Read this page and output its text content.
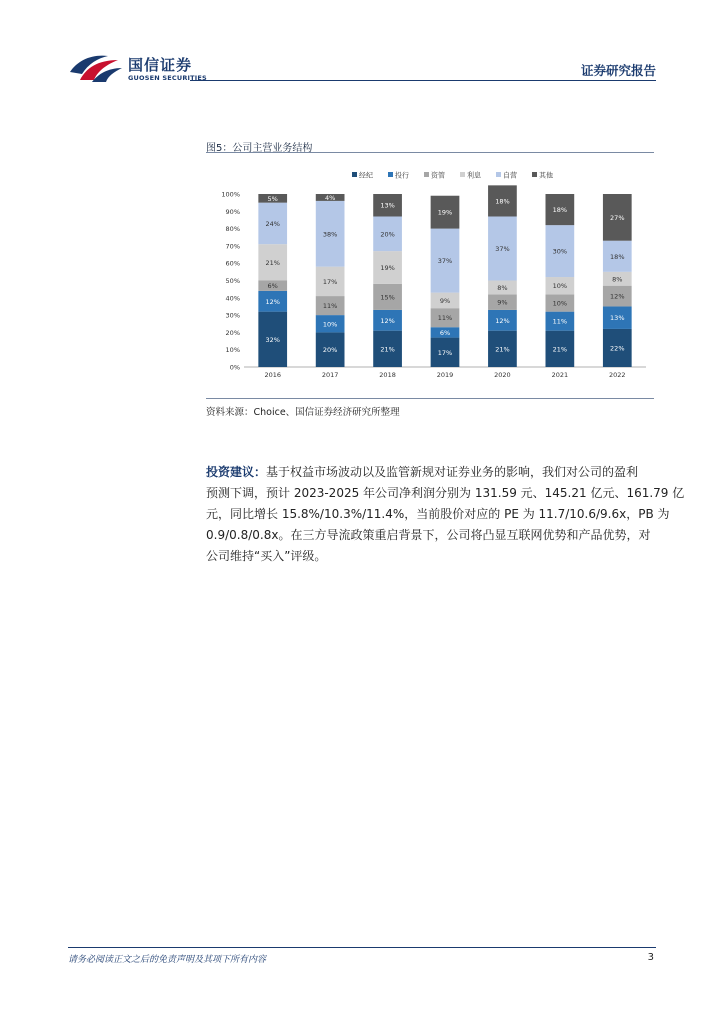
国信证券
GUOSEN SECURITIES	证券研究报告
图5：公司主营业务结构
经纪	投行	资管	利息	自营	其他
0%
10%
20%
30%
40%
50%
60%
70%
80%
90%
100%
32%
12%
6%
21%
24%
5%
2016
20%
10%
11%
17%
38%
4%
2017
21%
12%
15%
19%
20%
13%
2018
17%
6%
11%
9%
37%
19%
2019
21%
12%
9%
8%
37%
18%
2020
21%
11%
10%
10%
30%
18%
2021
22%
13%
12%
8%
18%
27%
2022
资料来源：Choice、国信证券经济研究所整理
投资建议：基于权益市场波动以及监管新规对证券业务的影响，我们对公司的盈利
预测下调，预计 2023-2025 年公司净利润分别为 131.59 元、145.21 亿元、161.79 亿
元，同比增长 15.8%/10.3%/11.4%，当前股价对应的 PE 为 11.7/10.6/9.6x，PB 为
0.9/0.8/0.8x。在三方导流政策重启背景下，公司将凸显互联网优势和产品优势，对
公司维持“买入”评级。
请务必阅读正文之后的免责声明及其项下所有内容	3
